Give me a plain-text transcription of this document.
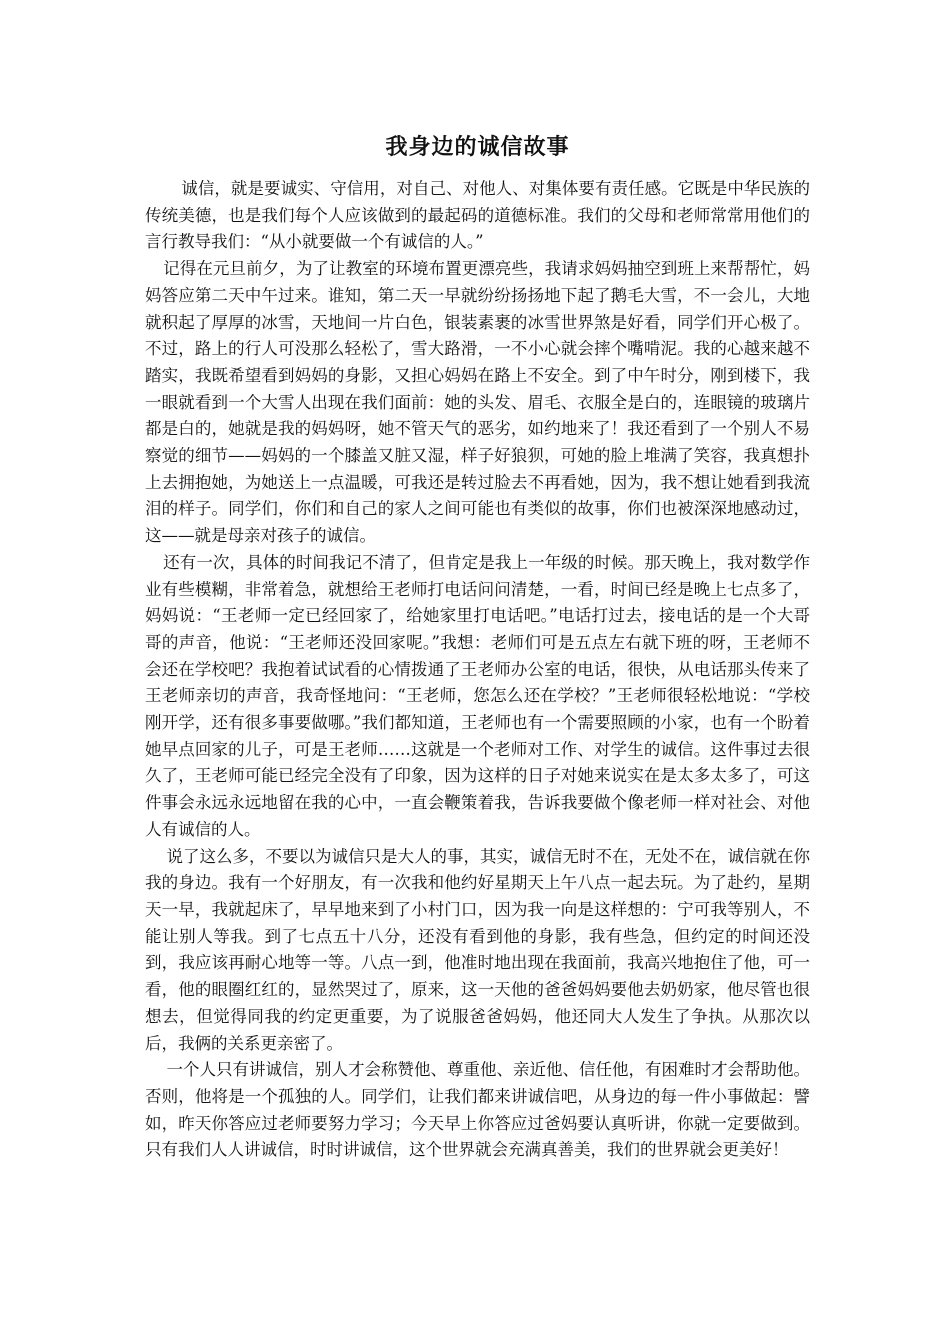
我身边的诚信故事

诚信，就是要诚实、守信用，对自己、对他人、对集体要有责任感。它既是中华民族的传统美德，也是我们每个人应该做到的最起码的道德标准。我们的父母和老师常常用他们的言行教导我们：“从小就要做一个有诚信的人。”

记得在元旦前夕，为了让教室的环境布置更漂亮些，我请求妈妈抽空到班上来帮帮忙，妈妈答应第二天中午过来。谁知，第二天一早就纷纷扬扬地下起了鹅毛大雪，不一会儿，大地就积起了厚厚的冰雪，天地间一片白色，银装素裹的冰雪世界煞是好看，同学们开心极了。不过，路上的行人可没那么轻松了，雪大路滑，一不小心就会摔个嘴啃泥。我的心越来越不踏实，我既希望看到妈妈的身影，又担心妈妈在路上不安全。到了中午时分，刚到楼下，我一眼就看到一个大雪人出现在我们面前：她的头发、眉毛、衣服全是白的，连眼镜的玻璃片都是白的，她就是我的妈妈呀，她不管天气的恶劣，如约地来了！我还看到了一个别人不易察觉的细节——妈妈的一个膝盖又脏又湿，样子好狼狈，可她的脸上堆满了笑容，我真想扑上去拥抱她，为她送上一点温暖，可我还是转过脸去不再看她，因为，我不想让她看到我流泪的样子。同学们，你们和自己的家人之间可能也有类似的故事，你们也被深深地感动过，这——就是母亲对孩子的诚信。

还有一次，具体的时间我记不清了，但肯定是我上一年级的时候。那天晚上，我对数学作业有些模糊，非常着急，就想给王老师打电话问问清楚，一看，时间已经是晚上七点多了，妈妈说：“王老师一定已经回家了，给她家里打电话吧。”电话打过去，接电话的是一个大哥哥的声音，他说：“王老师还没回家呢。”我想：老师们可是五点左右就下班的呀，王老师不会还在学校吧？我抱着试试看的心情拨通了王老师办公室的电话，很快，从电话那头传来了王老师亲切的声音，我奇怪地问：“王老师，您怎么还在学校？”王老师很轻松地说：“学校刚开学，还有很多事要做哪。”我们都知道，王老师也有一个需要照顾的小家，也有一个盼着她早点回家的儿子，可是王老师……这就是一个老师对工作、对学生的诚信。这件事过去很久了，王老师可能已经完全没有了印象，因为这样的日子对她来说实在是太多太多了，可这件事会永远永远地留在我的心中，一直会鞭策着我，告诉我要做个像老师一样对社会、对他人有诚信的人。

说了这么多，不要以为诚信只是大人的事，其实，诚信无时不在，无处不在，诚信就在你我的身边。我有一个好朋友，有一次我和他约好星期天上午八点一起去玩。为了赴约，星期天一早，我就起床了，早早地来到了小村门口，因为我一向是这样想的：宁可我等别人，不能让别人等我。到了七点五十八分，还没有看到他的身影，我有些急，但约定的时间还没到，我应该再耐心地等一等。八点一到，他准时地出现在我面前，我高兴地抱住了他，可一看，他的眼圈红红的，显然哭过了，原来，这一天他的爸爸妈妈要他去奶奶家，他尽管也很想去，但觉得同我的约定更重要，为了说服爸爸妈妈，他还同大人发生了争执。从那次以后，我俩的关系更亲密了。

一个人只有讲诚信，别人才会称赞他、尊重他、亲近他、信任他，有困难时才会帮助他。否则，他将是一个孤独的人。同学们，让我们都来讲诚信吧，从身边的每一件小事做起：譬如，昨天你答应过老师要努力学习；今天早上你答应过爸妈要认真听讲，你就一定要做到。只有我们人人讲诚信，时时讲诚信，这个世界就会充满真善美，我们的世界就会更美好！
